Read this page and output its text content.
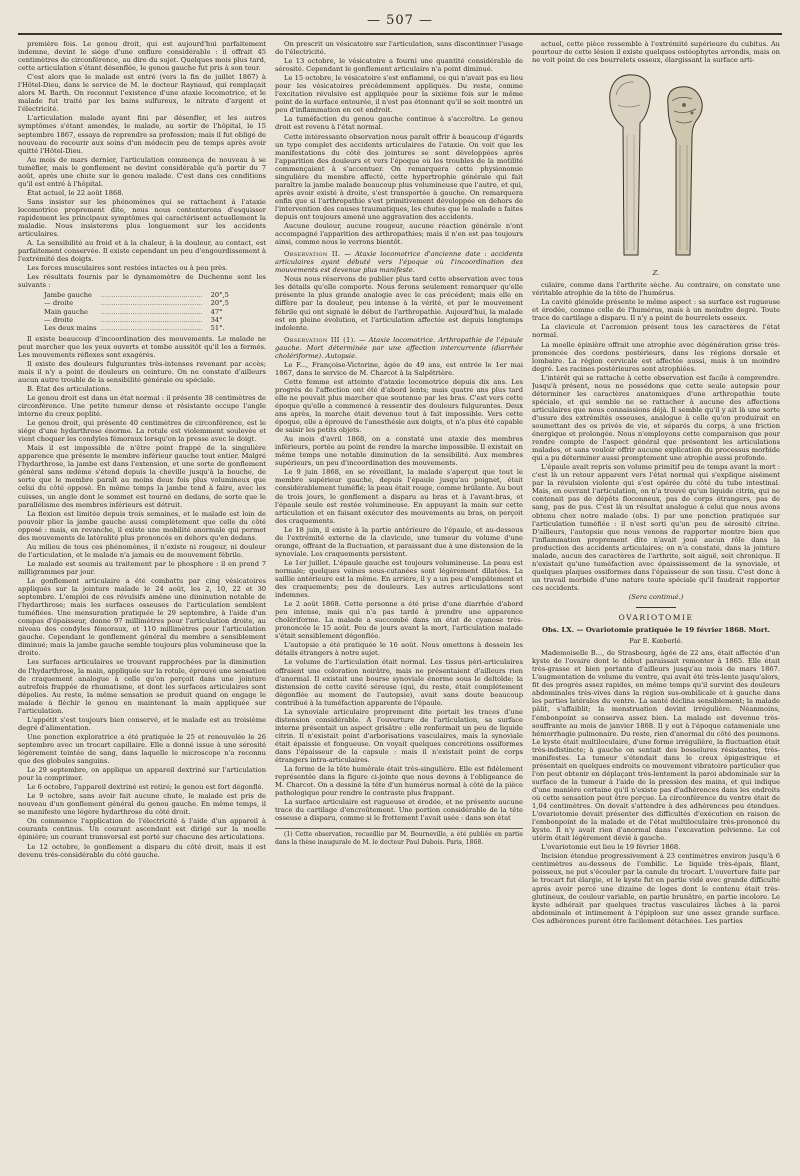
— 507 —

première fois. Le genou droit, qui est aujourd'hui parfaitement indemne, devint le siége d'une enflure considérable : il offrait 45 centimètres de circonférence, au dire du sujet. Quelques mois plus tard, cette articulation s'étant désenflée, le genou gauche fut pris à son tour.

C'est alors que le malade est entré (vers la fin de juillet 1867) à l'Hôtel-Dieu, dans le service de M. le docteur Raynaud, qui remplaçait alors M. Barth. On reconnut l'existence d'une ataxie locomotrice, et le malade fut traité par les bains sulfureux, le nitrate d'argent et l'électricité.

L'articulation malade ayant fini par désenfler, et les autres symptômes s'étant amendés, le malade, au sortir de l'hôpital, le 15 septembre 1867, essaya de reprendre sa profession; mais il fut obligé de nouveau de recourir aux soins d'un médecin peu de temps après avoir quitté l'Hôtel-Dieu.

Au mois de mars dernier, l'articulation commença de nouveau à se tuméfier, mais le gonflement ne devint considérable qu'à partir du 7 août, après une chute sur le genou malade. C'est dans ces conditions qu'il est entré à l'hôpital.

État actuel, le 22 août 1868.

Sans insister sur les phénomènes qui se rattachent à l'ataxie locomotrice proprement dite, nous nous contenterons d'esquisser rapidement les principaux symptômes qui caractérisent actuellement la maladie. Nous insisterons plus longuement sur les accidents articulaires.

A. La sensibilité au froid et à la chaleur, à la douleur, au contact, est parfaitement conservée. Il existe cependant un peu d'engourdissement à l'extrémité des doigts.

Les forces musculaires sont restées intactes ou à peu près.

Les résultats fournis par le dynamomètre de Duchenne sont les suivants :

Jambe gauche	................................................	20°,5
— droite	................................................	20°,5
Main gauche	................................................	47°
— droite	................................................	34°
Les deux mains	................................................	51°.

Il existe beaucoup d'incoordination des mouvements. Le malade ne peut marcher que les yeux ouverts et tombe aussitôt qu'il les a fermés. Les mouvements réflexes sont exagérés.

Il existe des douleurs fulgurantes très-intenses revenant par accès; mais il n'y a point de douleurs en ceinture. On ne constate d'ailleurs aucun autre trouble de la sensibilité générale ou spéciale.

B. État des articulations.

Le genou droit est dans un état normal : il présente 38 centimètres de circonférence. Une petite tumeur dense et résistante occupe l'angle interne du creux poplité.

Le genou droit, qui présente 40 centimètres de circonférence, est le siége d'une hydarthrose énorme. La rotule est violemment soulevée et vient choquer les condyles fémoraux lorsqu'on la presse avec le doigt.

Mais il est impossible de n'être point frappé de la singulière apparence que présente le membre inférieur gauche tout entier. Malgré l'hydarthrose, la jambe est dans l'extension, et une sorte de gonflement général sans œdème s'étend depuis la cheville jusqu'à la bouche, de sorte que le membre paraît au moins deux fois plus volumineux que celui du côté opposé. En même temps la jambe tend à faire, avec les cuisses, un angle dont le sommet est tourné en dedans, de sorte que le parallélisme des membres inférieurs est détruit.

La flexion est limitée depuis trois semaines, et le malade est loin de pouvoir plier la jambe gauche aussi complètement que celle du côté opposé : mais, en revanche, il existe une mobilité anormale qui permet des mouvements de latéralité plus prononcés en dehors qu'en dedans.

Au milieu de tous ces phénomènes, il n'existe ni rougeur, ni douleur de l'articulation, et le malade n'a jamais eu de mouvement fébrile.

Le malade est soumis au traitement par le phosphore : il en prend 7 milligrammes par jour.

Le gonflement articulaire a été combattu par cinq vésicatoires appliqués sur la jointure malade le 24 août, les 2, 10, 22 et 30 septembre. L'emploi de ces révulsifs amène une diminution notable de l'hydarthrose; mais les surfaces osseuses de l'articulation semblent tuméfiées. Une mensuration pratiquée le 29 septembre, à l'aide d'un compas d'épaisseur, donne 97 millimètres pour l'articulation droite, au niveau des condyles fémoraux, et 110 millimètres pour l'articulation gauche. Cependant le gonflement général du membre a sensiblement diminué; mais la jambe gauche semble toujours plus volumineuse que la droite.

Les surfaces articulaires se trouvant rapprochées par la diminution de l'hydarthrose, la main, appliquée sur la rotule, éprouvé une sensation de craquement analogue à celle qu'on perçoit dans une jointure autrefois frappée de rhumatisme, et dont les surfaces articulaires sont dépolies. Au reste, la même sensation se produit quand on engage le malade à fléchir le genou en maintenant la main appliquée sur l'articulation.

L'appétit s'est toujours bien conservé, et le malade est au troisième degré d'alimentation.

Une ponction exploratrice a été pratiquée le 25 et renouvelée le 26 septembre avec un trocart capillaire. Elle a donné issue à une sérosité légèrement teintée de sang, dans laquelle le microscope n'a reconnu que des globules sanguins.

Le 29 septembre, on applique un appareil dextriné sur l'articulation pour la comprimer.

Le 6 octobre, l'appareil dextriné est retiré; le genou est fort dégonflé.

Le 9 octobre, sans avoir fait aucune chute, le malade est pris de nouveau d'un gonflement général du genou gauche. En même temps, il se manifeste une légère hydarthrose du côté droit.

On commence l'application de l'électricité à l'aide d'un appareil à courants continus. Un courant ascendant est dirigé sur la moelle épinière; un courant transversal est porté sur chacune des articulations.

Le 12 octobre, le gonflement a disparu du côté droit, mais il est devenu très-considérable du côté gauche.

On prescrit un vésicatoire sur l'articulation, sans discontinuer l'usage de l'électricité.

Le 13 octobre, le vésicatoire a fourni une quantité considérable de sérosité. Cependant le gonflement articulaire n'a point diminué.

Le 15 octobre, le vésicatoire s'est enflammé, ce qui n'avait pas eu lieu pour les vésicatoires précédemment appliqués. Du reste, comme l'excitation révulsive est appliquée pour la sixième fois sur le même point de la surface entourée, il n'est pas étonnant qu'il se soit montré un peu d'inflammation en cet endroit.

La tuméfaction du genou gauche continue à s'accroître. Le genou droit est revenu à l'état normal.

Cette intéressante observation nous paraît offrir à beaucoup d'égards un type complet des accidents articulaires de l'ataxie. On voit que les manifestations du côté des jointures se sont développées après l'apparition des douleurs et vers l'époque où les troubles de la motilité commençaient à s'accentuer. On remarquera cette physionomie singulière du membre affecté, cette hypertrophie générale qui fait paraître la jambe malade beaucoup plus volumineuse que l'autre, et qui, après avoir existé à droite, s'est transportée à gauche. On remarquera enfin que si l'arthropathie s'est primitivement développée en dehors de l'intervention des causes traumatiques, les chutes que le malade a faites depuis ont toujours amené une aggravation des accidents.

Aucune douleur, aucune rougeur, aucune réaction générale n'ont accompagné l'apparition des arthropathies; mais il n'en est pas toujours ainsi, comme nous le verrons bientôt.

Observation II. — Ataxie locomotrice d'ancienne date : accidents articulaires ayant débuté vers l'époque où l'incoordination des mouvements est devenue plus manifeste.

Nous nous réservons de publier plus tard cette observation avec tous les détails qu'elle comporte. Nous ferons seulement remarquer qu'elle présente la plus grande analogie avec le cas précédent; mais elle en diffère par la douleur, peu intense à la vérité, et par le mouvement fébrile qui ont signalé le début de l'arthropathie. Aujourd'hui, la malade est en pleine évolution, et l'articulation affectée est depuis longtemps indolente.

Observation III (1). — Ataxie locomotrice. Arthropathie de l'épaule gauche. Mort déterminée par une affection intercurrente (diarrhée cholériforme). Autopsie.

Le F..., Françoise-Victorine, âgée de 49 ans, est entrée le 1er mai 1867, dans le service de M. Charcot à la Salpêtrière.

Cette femme est atteinte d'ataxie locomotrice depuis dix ans. Les progrès de l'affection ont été d'abord lents; mais quatre ans plus tard elle ne pouvait plus marcher que soutenue par les bras. C'est vers cette époque qu'elle a commencé à ressentir des douleurs fulgurantes. Deux ans après, la marche était devenue tout à fait impossible. Vers cette époque, elle a éprouvé de l'anesthésie aux doigts, et n'a plus été capable de saisir les petits objets.

Au mois d'avril 1868, on a constaté une ataxie des membres inférieurs, portée au point de rendre la marche impossible. Il existait en même temps une notable diminution de la sensibilité. Aux membres supérieurs, un peu d'incoordination des mouvements.

Le 9 juin 1868, en se réveillant, la malade s'aperçut que tout le membre supérieur gauche, depuis l'épaule jusqu'au poignet, était considérablement tuméfié; la peau était rouge, comme brûlante. Au bout de trois jours, le gonflement a disparu au bras et à l'avant-bras, et l'épaule seule est restée volumineuse. En appuyant la main sur cette articulation et en faisant exécuter des mouvements au bras, on perçoit des craquements.

Le 18 juin, il existe à la partie antérieure de l'épaule, et au-dessous de l'extrémité externe de la clavicule, une tumeur du volume d'une orange, offrant de la fluctuation, et paraissant due à une distension de la synoviale. Les craquements persistent.

Le 1er juillet. L'épaule gauche est toujours volumineuse. La peau est normale; quelques veines sous-cutanées sont légèrement dilatées. La saillie antérieure est la même. En arrière, il y a un peu d'empâtement et des craquements; peu de douleurs. Les autres articulations sont indemnes.

Le 2 août 1868. Cette personne a été prise d'une diarrhée d'abord peu intense, mais qui n'a pas tardé à prendre une apparence cholériforme. La malade a succombé dans un état de cyanose très-prononcée le 15 août. Peu de jours avant la mort, l'articulation malade s'était sensiblement dégonflée.

L'autopsie a été pratiquée le 16 août. Nous omettons à dessein les détails étrangers à notre sujet.

Le volume de l'articulation était normal. Les tissus péri-articulaires offraient une coloration noirâtre, mais ne présentaient d'ailleurs rien d'anormal. Il existait une bourse synoviale énorme sous le deltoïde; la distension de cette cavité séreuse (qui, du reste, était complétement dégonflée au moment de l'autopsie), avait sans doute beaucoup contribué à la tuméfaction apparente de l'épaule.

La synoviale articulaire proprement dite portait les traces d'une distension considérable. A l'ouverture de l'articulation, sa surface interne présentait un aspect grisâtre : elle renfermait un peu de liquide citrin. Il n'existait point d'arborisations vasculaires, mais la synoviale était épaissie et fongueuse. On voyait quelques concrétions ossiformes dans l'épaisseur de la capsule : mais il n'existait point de corps étrangers intra-articulaires.

La forme de la tête humérale était très-singulière. Elle est fidèlement représentée dans la figure ci-jointe que nous devons à l'obligeance de M. Charcot. On a dessiné la tête d'un humérus normal à côté de la pièce pathologique pour rendre le contraste plus frappant.

La surface articulaire est rugueuse et érodée, et ne présente aucune trace du cartilage d'encroûtement. Une portion considérable de la tête osseuse a disparu, comme si le frottement l'avait usée : dans son état

(1) Cette observation, recueillie par M. Bourneville, a été publiée en partie dans la thèse inaugurale de M. le docteur Paul Dubois. Paris, 1868.

actuel, cette pièce ressemble à l'extrémité supérieure du cubitus. Au pourtour de cette lésion il existe quelques ostéophytes arrondis, mais on ne voit point de ces bourrelets osseux, élargissant la surface arti-

Z.

culaire, comme dans l'arthrite sèche. Au contraire, on constate une véritable atrophie de la tête de l'humérus.

La cavité glénoïde présente le même aspect : sa surface est rugueuse et érodée, comme celle de l'humérus, mais à un moindre degré. Toute trace de cartilage a disparu. Il n'y a point de bourrelets osseux.

La clavicule et l'acromion présent tous les caractères de l'état normal.

La moelle épinière offrait une atrophie avec dégénération grise très-prononcée des cordons postérieurs, dans les régions dorsale et lombaire. La région cervicale est affectée aussi, mais à un moindre degré. Les racines postérieures sont atrophiées.

L'intérêt qui se rattache à cette observation est facile à comprendre. Jusqu'à présent, nous ne possédons que cette seule autopsie pour déterminer les caractères anatomiques d'une arthropathie toute spéciale, et qui semble ne se rattacher à aucune des affections articulaires que nous connaissions déjà. Il semble qu'il y ait là une sorte d'usure des extrémités osseuses, analogue à celle qu'on produirait en soumettant des os privés de vie, et séparés du corps, à une friction énergique et prolongée. Nous n'employons cette comparaison que pour rendre compte de l'aspect général que présentent les articulations malades, et sans vouloir offrir aucune explication du processus morbide qui a pu déterminer aussi promptement une atrophie aussi profonde.

L'épaule avait repris son volume primitif peu de temps avant la mort : c'est là un retour apparent vers l'état normal qui s'explique aisément par la révulsion violente qui s'est opérée du côté du tube intestinal. Mais, en ouvrant l'articulation, on n'a trouvé qu'un liquide citrin, qui ne contenait pas de dépôts floconneux, pas de corps étrangers, pas de sang, pas de pus. C'est là un résultat analogue à celui que nous avons obtenu chez notre malade (obs. I) par une ponction pratiquée sur l'articulation tuméfiée : il n'est sorti qu'un peu de sérosité citrine. D'ailleurs, l'autopsie que nous venons de rapporter montre bien que l'inflammation proprement dite n'avait joué aucun rôle dans la production des accidents articulaires; on n'a constaté, dans la jointure malade, aucun des caractères de l'arthrite, soit aiguë, soit chronique. Il n'existait qu'une tuméfaction avec épaississement de la synoviale, et quelques plaques ossiformes dans l'épaisseur de son tissu. C'est donc à un travail morbide d'une nature toute spéciale qu'il faudrait rapporter ces accidents.

(Sera continué.)

OVARIOTOMIE
Obs. LX. — Ovariotomie pratiquée le 19 février 1868. Mort.
Par E. Kœberlé.

Mademoiselle B..., de Strasbourg, âgée de 22 ans, était affectée d'un kyste de l'ovaire dont le début paraissait remonter à 1865. Elle était très-grasse et bien portante d'ailleurs jusqu'au mois de mars 1867. L'augmentation de volume du ventre, qui avait été très-lente jusqu'alors, fit des progrès assez rapides, en même temps qu'il survint des douleurs abdominales très-vives dans la région sus-ombilicale et à gauche dans les parties latérales du ventre. La santé déclina sensiblement; la malade pâlit, s'affaiblit; la menstruation devint irrégulière. Néanmoins, l'embonpoint se conserva assez bien. La malade est devenue très-souffrante au mois de janvier 1868. Il y eut à l'époque catameniale une hémorrhagie pulmonaire. Du reste, rien d'anormal du côté des poumons. Le kyste était multiloculaire, d'une forme irrégulière, la fluctuation était très-indistincte; à gauche on sentait des bosselures résistantes, très-manifestes. La tumeur s'étendait dans le creux épigastrique et présentait en quelques endroits ce mouvement vibratoire particulier que l'on peut obtenir en déplaçant très-lentement la paroi abdominale sur la surface de la tumeur à l'aide de la pression des mains, et qui indique d'une manière certaine qu'il n'existe pas d'adhérences dans les endroits où cette sensation peut être perçue. La circonférence du ventre était de 1,04 centimètres. On devait s'attendre à des adhérences peu étendues. L'ovariotomie devait présenter des difficultés d'exécution en raison de l'embonpoint de la malade et de l'état multiloculaire très-prononcé du kyste. Il n'y avait rien d'anormal dans l'excavation pelvienne. Le col utérin était légèrement dévié à gauche.

L'ovariotomie eut lieu le 19 février 1868.

Incision étendue progressivement à 23 centimètres environ jusqu'à 6 centimètres au-dessous de l'ombilic. Le liquide très-épais, filant, poisseux, ne put s'écouler par la canule du trocart. L'ouverture faite par le trocart fut élargie, et le kyste fut en partie vidé avec grande difficulté après avoir percé une dizaine de loges dont le contenu était très-glutineux, de couleur variable, en partie brunâtre, en partie incolore. Le kyste adhérait par quelques tractus vasculaires lâches à la paroi abdominale et intimement à l'épiploon sur une assez grande surface. Ces adhérences purent être facilement détachées. Les parties
